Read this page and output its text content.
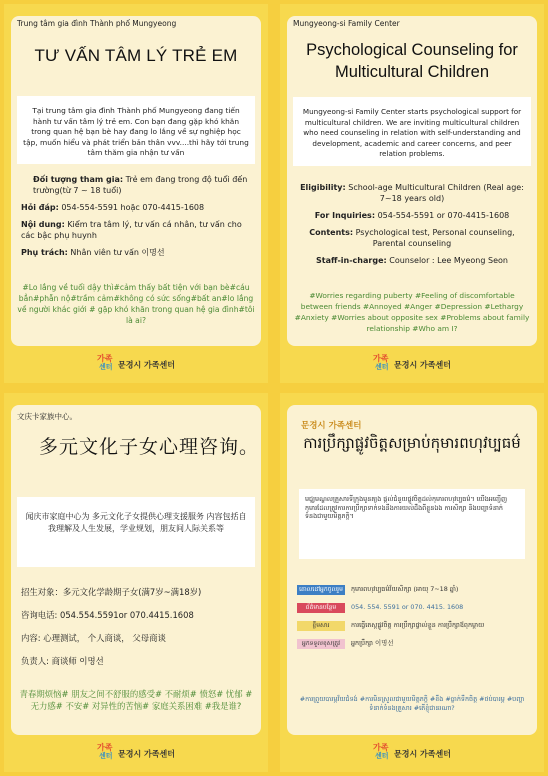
Trung tâm gia đình Thành phố Mungyeong
TƯ VẤN TÂM LÝ TRẺ EM
Tại trung tâm gia đình Thành phố Mungyeong đang tiến hành tư vấn tâm lý trẻ em. Con bạn đang gặp khó khăn trong quan hệ bạn bè hay đang lo lắng về sự nghiệp học tập, muốn hiểu và phát triển bản thân vvv....thì hãy tới trung tâm thăm gia nhận tư vấn
Đối tượng tham gia: Trẻ em đang trong độ tuổi đến trường(từ 7 ~ 18 tuổi)
Hỏi đáp: 054-554-5591 hoặc 070-4415-1608
Nội dung: Kiểm tra tâm lý, tư vấn cá nhân, tư vấn cho các bậc phụ huynh
Phụ trách: Nhân viên tư vấn 이명선
#Lo lắng về tuổi dậy thì#cảm thấy bất tiện với bạn bè#cáu bẳn#phẫn nộ#trầm cảm#không có sức sống#bất an#lo lắng về người khác giới # gặp khó khăn trong quan hệ gia đình#tôi là ai?
가족
센터 문경시 가족센터
Mungyeong-si Family Center
Psychological Counseling for Multicultural Children
Mungyeong-si Family Center starts psychological support for multicultural children. We are inviting multicultural children who need counseling in relation with self-understanding and development, academic and career concerns, and peer relation problems.
Eligibility: School-age Multicultural Children (Real age: 7~18 years old)
For Inquiries: 054-554-5591 or 070-4415-1608
Contents: Psychological test, Personal counseling, Parental counseling
Staff-in-charge: Counselor : Lee Myeong Seon
#Worries regarding puberty #Feeling of discomfortable between friends #Annoyed #Anger #Depression #Lethargy #Anxiety #Worries about opposite sex #Problems about family relationship #Who am I?
가족
센터 문경시 가족센터
文庆卡家族中心。
多元文化子女心理咨询。
闻庆市家庭中心为 多元文化子女提供心理支援服务 内容包括自我理解及人生发展，学业规划，朋友间人际关系等
招生对象：多元文化学龄期子女(满7岁~满18岁)
咨询电话: 054.554.5591or 070.4415.1608
内容: 心理测试， 个人商谈， 父母商谈
负责人: 商谈师 이명선
青春期烦恼# 朋友之间不舒服的感受# 不耐烦# 愤怒# 忧郁 #无力感# 不安# 对异性的苦恼# 家庭关系困难 #我是谁?
가족
센터 문경시 가족센터
문경시 가족센터
ការប្រឹក្សាផ្លូវចិត្តសម្រាប់កុមារពហុវប្បធម៌
មជ្ឈមណ្ឌលគ្រួសារទីក្រុងមូនគ្យង ផ្តល់ជំនួយផ្លូវចិត្តដល់កុមារពហុវប្បធម៌។ យើងអញ្ជើញកុមារដែលត្រូវការការប្រឹក្សាទាក់ទងនឹងការយល់ដឹងពីខ្លួនឯង ការសិក្សា និងបញ្ហាទំនាក់ទំនងជាមួយមិត្តភក្តិ។
គោលដៅអ្នកចូលរួម	កុមារពហុវប្បធម៌វ័យសិក្សា (អាយុ 7~18 ឆ្នាំ)
ព័ត៌មានបន្ថែម	054. 554. 5591 or 070. 4415. 1608
ខ្លឹមសារ	ការធ្វើតេស្តផ្លូវចិត្ត ការប្រឹក្សាផ្ទាល់ខ្លួន ការប្រឹក្សាឪពុកម្តាយ
អ្នកទទួលខុសត្រូវ	អ្នកប្រឹក្សា 이명선
#ការព្រួយបារម្ភវ័យជំទង់ #ការមិនស្រួលជាមួយមិត្តភក្តិ #ខឹង #ធ្លាក់ទឹកចិត្ត #ថប់បារម្ភ #បញ្ហាទំនាក់ទំនងគ្រួសារ #តើខ្ញុំជានរណា?
가족
센터 문경시 가족센터
